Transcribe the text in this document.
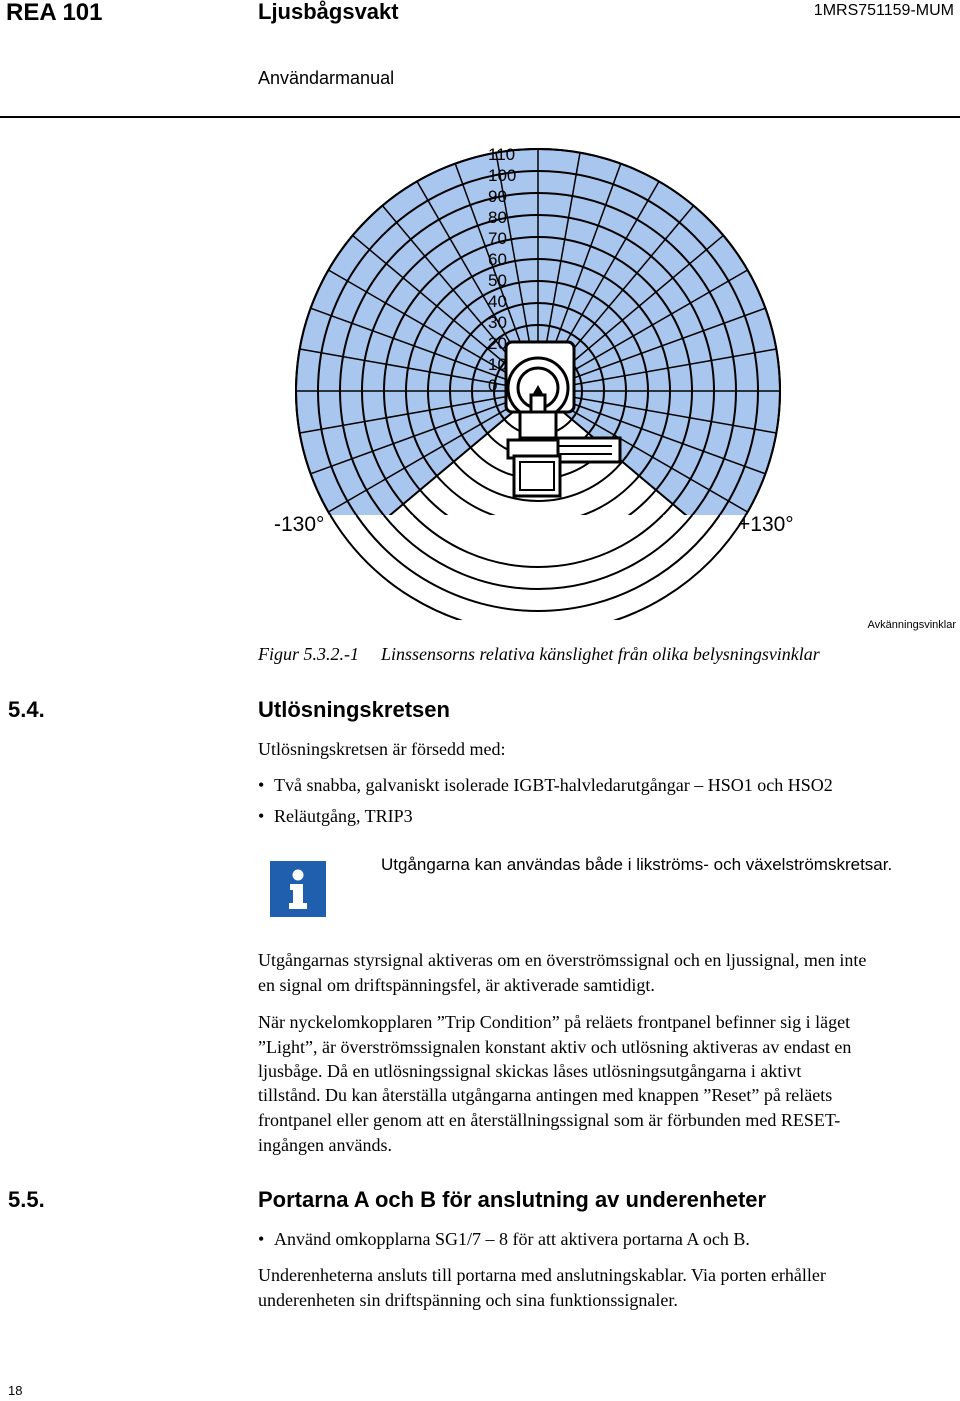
REA 101	Ljusbågsvakt	1MRS751159-MUM
Användarmanual
110
100
90
80
70
60
50
40
30
20
10
0
-130°	+130°
Avkänningsvinklar
Figur 5.3.2.-1 Linssensorns relativa känslighet från olika belysningsvinklar
5.4.	Utlösningskretsen
Utlösningskretsen är försedd med:
• Två snabba, galvaniskt isolerade IGBT-halvledarutgångar – HSO1 och HSO2
• Reläutgång, TRIP3
Utgångarna kan användas både i likströms- och växelströmskretsar.
Utgångarnas styrsignal aktiveras om en överströmssignal och en ljussignal, men inte
en signal om driftspänningsfel, är aktiverade samtidigt.
När nyckelomkopplaren ”Trip Condition” på reläets frontpanel befinner sig i läget
”Light”, är överströmssignalen konstant aktiv och utlösning aktiveras av endast en
ljusbåge. Då en utlösningssignal skickas låses utlösningsutgångarna i aktivt
tillstånd. Du kan återställa utgångarna antingen med knappen ”Reset” på reläets
frontpanel eller genom att en återställningssignal som är förbunden med RESET-
ingången används.
5.5.	Portarna A och B för anslutning av underenheter
• Använd omkopplarna SG1/7 – 8 för att aktivera portarna A och B.
Underenheterna ansluts till portarna med anslutningskablar. Via porten erhåller
underenheten sin driftspänning och sina funktionssignaler.
18
